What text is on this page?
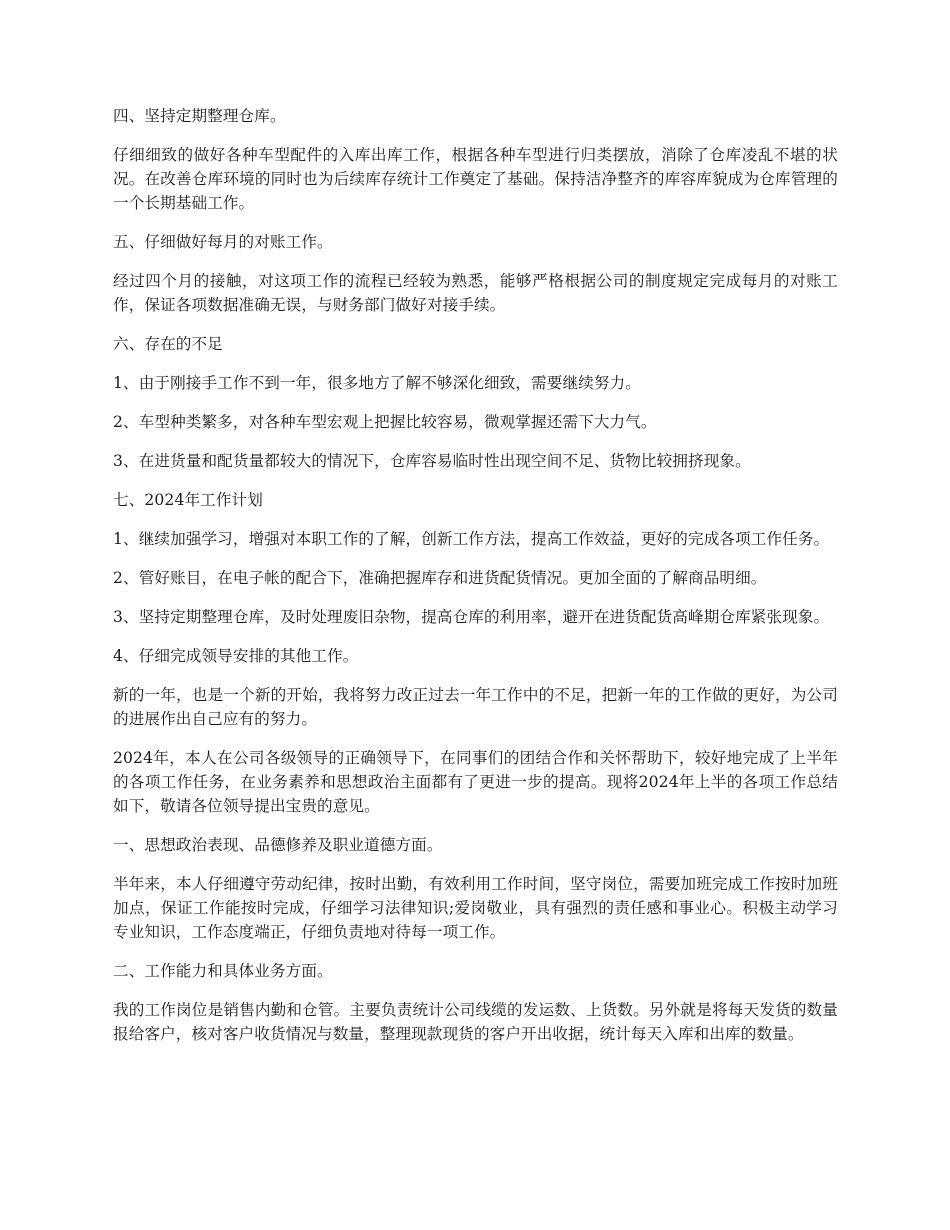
四、坚持定期整理仓库。

仔细细致的做好各种车型配件的入库出库工作，根据各种车型进行归类摆放，消除了仓库凌乱不堪的状况。在改善仓库环境的同时也为后续库存统计工作奠定了基础。保持洁净整齐的库容库貌成为仓库管理的一个长期基础工作。

五、仔细做好每月的对账工作。

经过四个月的接触，对这项工作的流程已经较为熟悉，能够严格根据公司的制度规定完成每月的对账工作，保证各项数据准确无误，与财务部门做好对接手续。

六、存在的不足

1、由于刚接手工作不到一年，很多地方了解不够深化细致，需要继续努力。

2、车型种类繁多，对各种车型宏观上把握比较容易，微观掌握还需下大力气。

3、在进货量和配货量都较大的情况下，仓库容易临时性出现空间不足、货物比较拥挤现象。

七、2024年工作计划

1、继续加强学习，增强对本职工作的了解，创新工作方法，提高工作效益，更好的完成各项工作任务。

2、管好账目，在电子帐的配合下，准确把握库存和进货配货情况。更加全面的了解商品明细。

3、坚持定期整理仓库，及时处理废旧杂物，提高仓库的利用率，避开在进货配货高峰期仓库紧张现象。

4、仔细完成领导安排的其他工作。

新的一年，也是一个新的开始，我将努力改正过去一年工作中的不足，把新一年的工作做的更好，为公司的进展作出自己应有的努力。

2024年，本人在公司各级领导的正确领导下，在同事们的团结合作和关怀帮助下，较好地完成了上半年的各项工作任务，在业务素养和思想政治主面都有了更进一步的提高。现将2024年上半的各项工作总结如下，敬请各位领导提出宝贵的意见。

一、思想政治表现、品德修养及职业道德方面。

半年来，本人仔细遵守劳动纪律，按时出勤，有效利用工作时间，坚守岗位，需要加班完成工作按时加班加点，保证工作能按时完成，仔细学习法律知识;爱岗敬业，具有强烈的责任感和事业心。积极主动学习专业知识，工作态度端正，仔细负责地对待每一项工作。

二、工作能力和具体业务方面。

我的工作岗位是销售内勤和仓管。主要负责统计公司线缆的发运数、上货数。另外就是将每天发货的数量报给客户，核对客户收货情况与数量，整理现款现货的客户开出收据，统计每天入库和出库的数量。
